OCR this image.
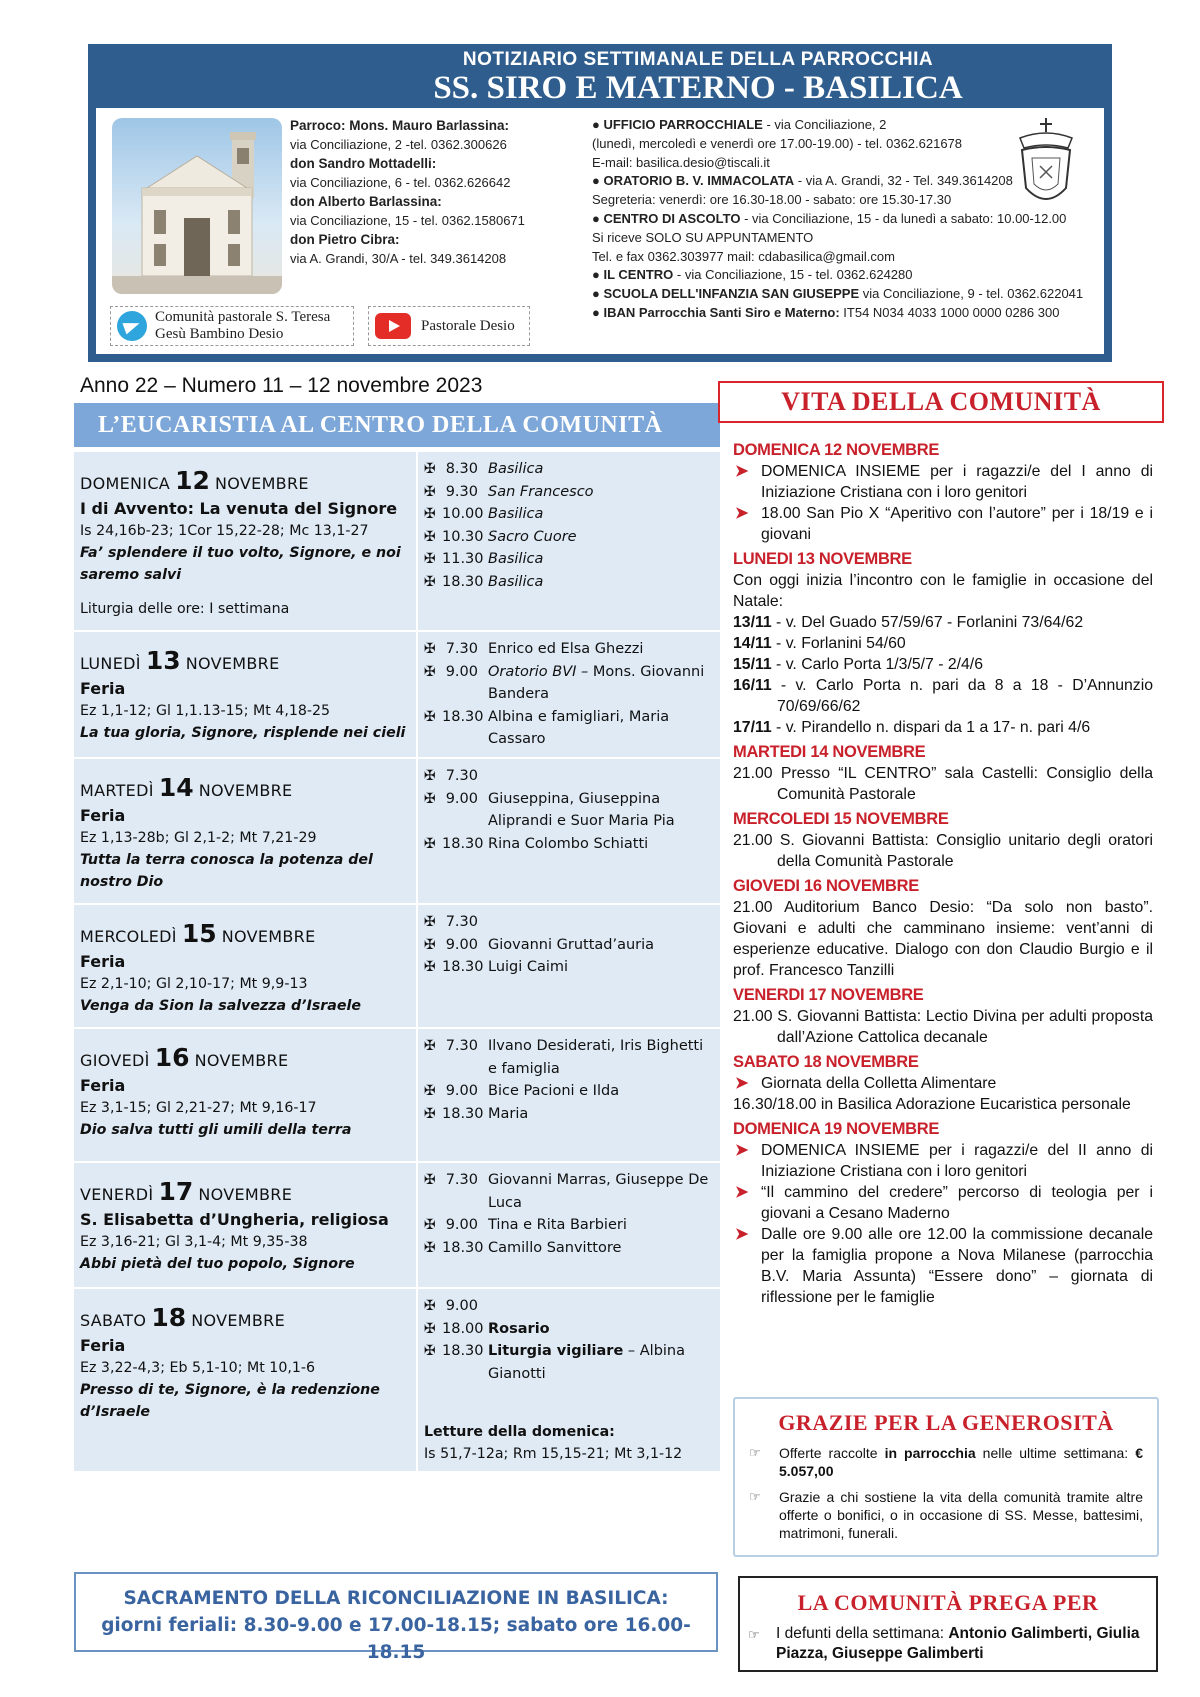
NOTIZIARIO SETTIMANALE DELLA PARROCCHIA
SS. SIRO E MATERNO - BASILICA
Parroco: Mons. Mauro Barlassina:
via Conciliazione, 2 -tel. 0362.300626
don Sandro Mottadelli:
via Conciliazione, 6 - tel. 0362.626642
don Alberto Barlassina:
via Conciliazione, 15 - tel. 0362.1580671
don Pietro Cibra:
via A. Grandi, 30/A - tel. 349.3614208
● UFFICIO PARROCCHIALE - via Conciliazione, 2
(lunedì, mercoledì e venerdì ore 17.00-19.00) - tel. 0362.621678
E-mail: basilica.desio@tiscali.it
● ORATORIO B. V. IMMACOLATA - via A. Grandi, 32 - Tel. 349.3614208
Segreteria: venerdì: ore 16.30-18.00 - sabato: ore 15.30-17.30
● CENTRO DI ASCOLTO - via Conciliazione, 15 - da lunedì a sabato: 10.00-12.00
Si riceve SOLO SU APPUNTAMENTO
Tel. e fax 0362.303977 mail: cdabasilica@gmail.com
● IL CENTRO - via Conciliazione, 15 - tel. 0362.624280
● SCUOLA DELL'INFANZIA SAN GIUSEPPE via Conciliazione, 9 - tel. 0362.622041
● IBAN Parrocchia Santi Siro e Materno: IT54 N034 4033 1000 0000 0286 300
Comunità pastorale S. Teresa
Gesù Bambino Desio
Pastorale Desio
Anno 22 – Numero 11 – 12 novembre 2023
L’EUCARISTIA AL CENTRO DELLA COMUNITÀ
DOMENICA 12 NOVEMBRE
I di Avvento: La venuta del Signore
Is 24,16b-23; 1Cor 15,22-28; Mc 13,1-27
Fa’ splendere il tuo volto, Signore, e noi saremo salvi
Liturgia delle ore: I settimana
✠ 8.30 Basilica
✠ 9.30 San Francesco
✠ 10.00 Basilica
✠ 10.30 Sacro Cuore
✠ 11.30 Basilica
✠ 18.30 Basilica
LUNEDÌ 13 NOVEMBRE
Feria
Ez 1,1-12; Gl 1,1.13-15; Mt 4,18-25
La tua gloria, Signore, risplende nei cieli
✠ 7.30 Enrico ed Elsa Ghezzi
✠ 9.00 Oratorio BVI – Mons. Giovanni Bandera
✠ 18.30 Albina e famigliari, Maria Cassaro
MARTEDÌ 14 NOVEMBRE
Feria
Ez 1,13-28b; Gl 2,1-2; Mt 7,21-29
Tutta la terra conosca la potenza del nostro Dio
✠ 7.30
✠ 9.00 Giuseppina, Giuseppina Aliprandi e Suor Maria Pia
✠ 18.30 Rina Colombo Schiatti
MERCOLEDÌ 15 NOVEMBRE
Feria
Ez 2,1-10; Gl 2,10-17; Mt 9,9-13
Venga da Sion la salvezza d’Israele
✠ 7.30
✠ 9.00 Giovanni Gruttad’auria
✠ 18.30 Luigi Caimi
GIOVEDÌ 16 NOVEMBRE
Feria
Ez 3,1-15; Gl 2,21-27; Mt 9,16-17
Dio salva tutti gli umili della terra
✠ 7.30 Ilvano Desiderati, Iris Bighetti e famiglia
✠ 9.00 Bice Pacioni e Ilda
✠ 18.30 Maria
VENERDÌ 17 NOVEMBRE
S. Elisabetta d’Ungheria, religiosa
Ez 3,16-21; Gl 3,1-4; Mt 9,35-38
Abbi pietà del tuo popolo, Signore
✠ 7.30 Giovanni Marras, Giuseppe De Luca
✠ 9.00 Tina e Rita Barbieri
✠ 18.30 Camillo Sanvittore
SABATO 18 NOVEMBRE
Feria
Ez 3,22-4,3; Eb 5,1-10; Mt 10,1-6
Presso di te, Signore, è la redenzione d’Israele
✠ 9.00
✠ 18.00 Rosario
✠ 18.30 Liturgia vigiliare – Albina Gianotti
Letture della domenica:
Is 51,7-12a; Rm 15,15-21; Mt 3,1-12
SACRAMENTO DELLA RICONCILIAZIONE IN BASILICA:
giorni feriali: 8.30-9.00 e 17.00-18.15; sabato ore 16.00-18.15
VITA DELLA COMUNITÀ
DOMENICA 12 NOVEMBRE
➤ DOMENICA INSIEME per i ragazzi/e del I anno di Iniziazione Cristiana con i loro genitori
➤ 18.00 San Pio X “Aperitivo con l’autore” per i 18/19 e i giovani
LUNEDI 13 NOVEMBRE

Con oggi inizia l’incontro con le famiglie in occasione del Natale:

13/11 - v. Del Guado 57/59/67 - Forlanini 73/64/62
14/11 - v. Forlanini 54/60
15/11 - v. Carlo Porta 1/3/5/7 - 2/4/6
16/11 - v. Carlo Porta n. pari da 8 a 18 - D’Annunzio 70/69/66/62
17/11 - v. Pirandello n. dispari da 1 a 17- n. pari 4/6
MARTEDI 14 NOVEMBRE
21.00 Presso “IL CENTRO” sala Castelli: Consiglio della Comunità Pastorale
MERCOLEDI 15 NOVEMBRE
21.00 S. Giovanni Battista: Consiglio unitario degli oratori della Comunità Pastorale
GIOVEDI 16 NOVEMBRE

21.00 Auditorium Banco Desio: “Da solo non basto”. Giovani e adulti che camminano insieme: vent’anni di esperienze educative. Dialogo con don Claudio Burgio e il prof. Francesco Tanzilli

VENERDI 17 NOVEMBRE
21.00 S. Giovanni Battista: Lectio Divina per adulti proposta dall’Azione Cattolica decanale
SABATO 18 NOVEMBRE
➤ Giornata della Colletta Alimentare
16.30/18.00 in Basilica Adorazione Eucaristica personale
DOMENICA 19 NOVEMBRE
➤ DOMENICA INSIEME per i ragazzi/e del II anno di Iniziazione Cristiana con i loro genitori
➤ “Il cammino del credere” percorso di teologia per i giovani a Cesano Maderno
➤ Dalle ore 9.00 alle ore 12.00 la commissione decanale per la famiglia propone a Nova Milanese (parrocchia B.V. Maria Assunta) “Essere dono” – giornata di riflessione per le famiglie
GRAZIE PER LA GENEROSITÀ
☞ Offerte raccolte in parrocchia nelle ultime settimana: € 5.057,00
☞ Grazie a chi sostiene la vita della comunità tramite altre offerte o bonifici, o in occasione di SS. Messe, battesimi, matrimoni, funerali.
LA COMUNITÀ PREGA PER
☞ I defunti della settimana: Antonio Galimberti, Giulia Piazza, Giuseppe Galimberti
